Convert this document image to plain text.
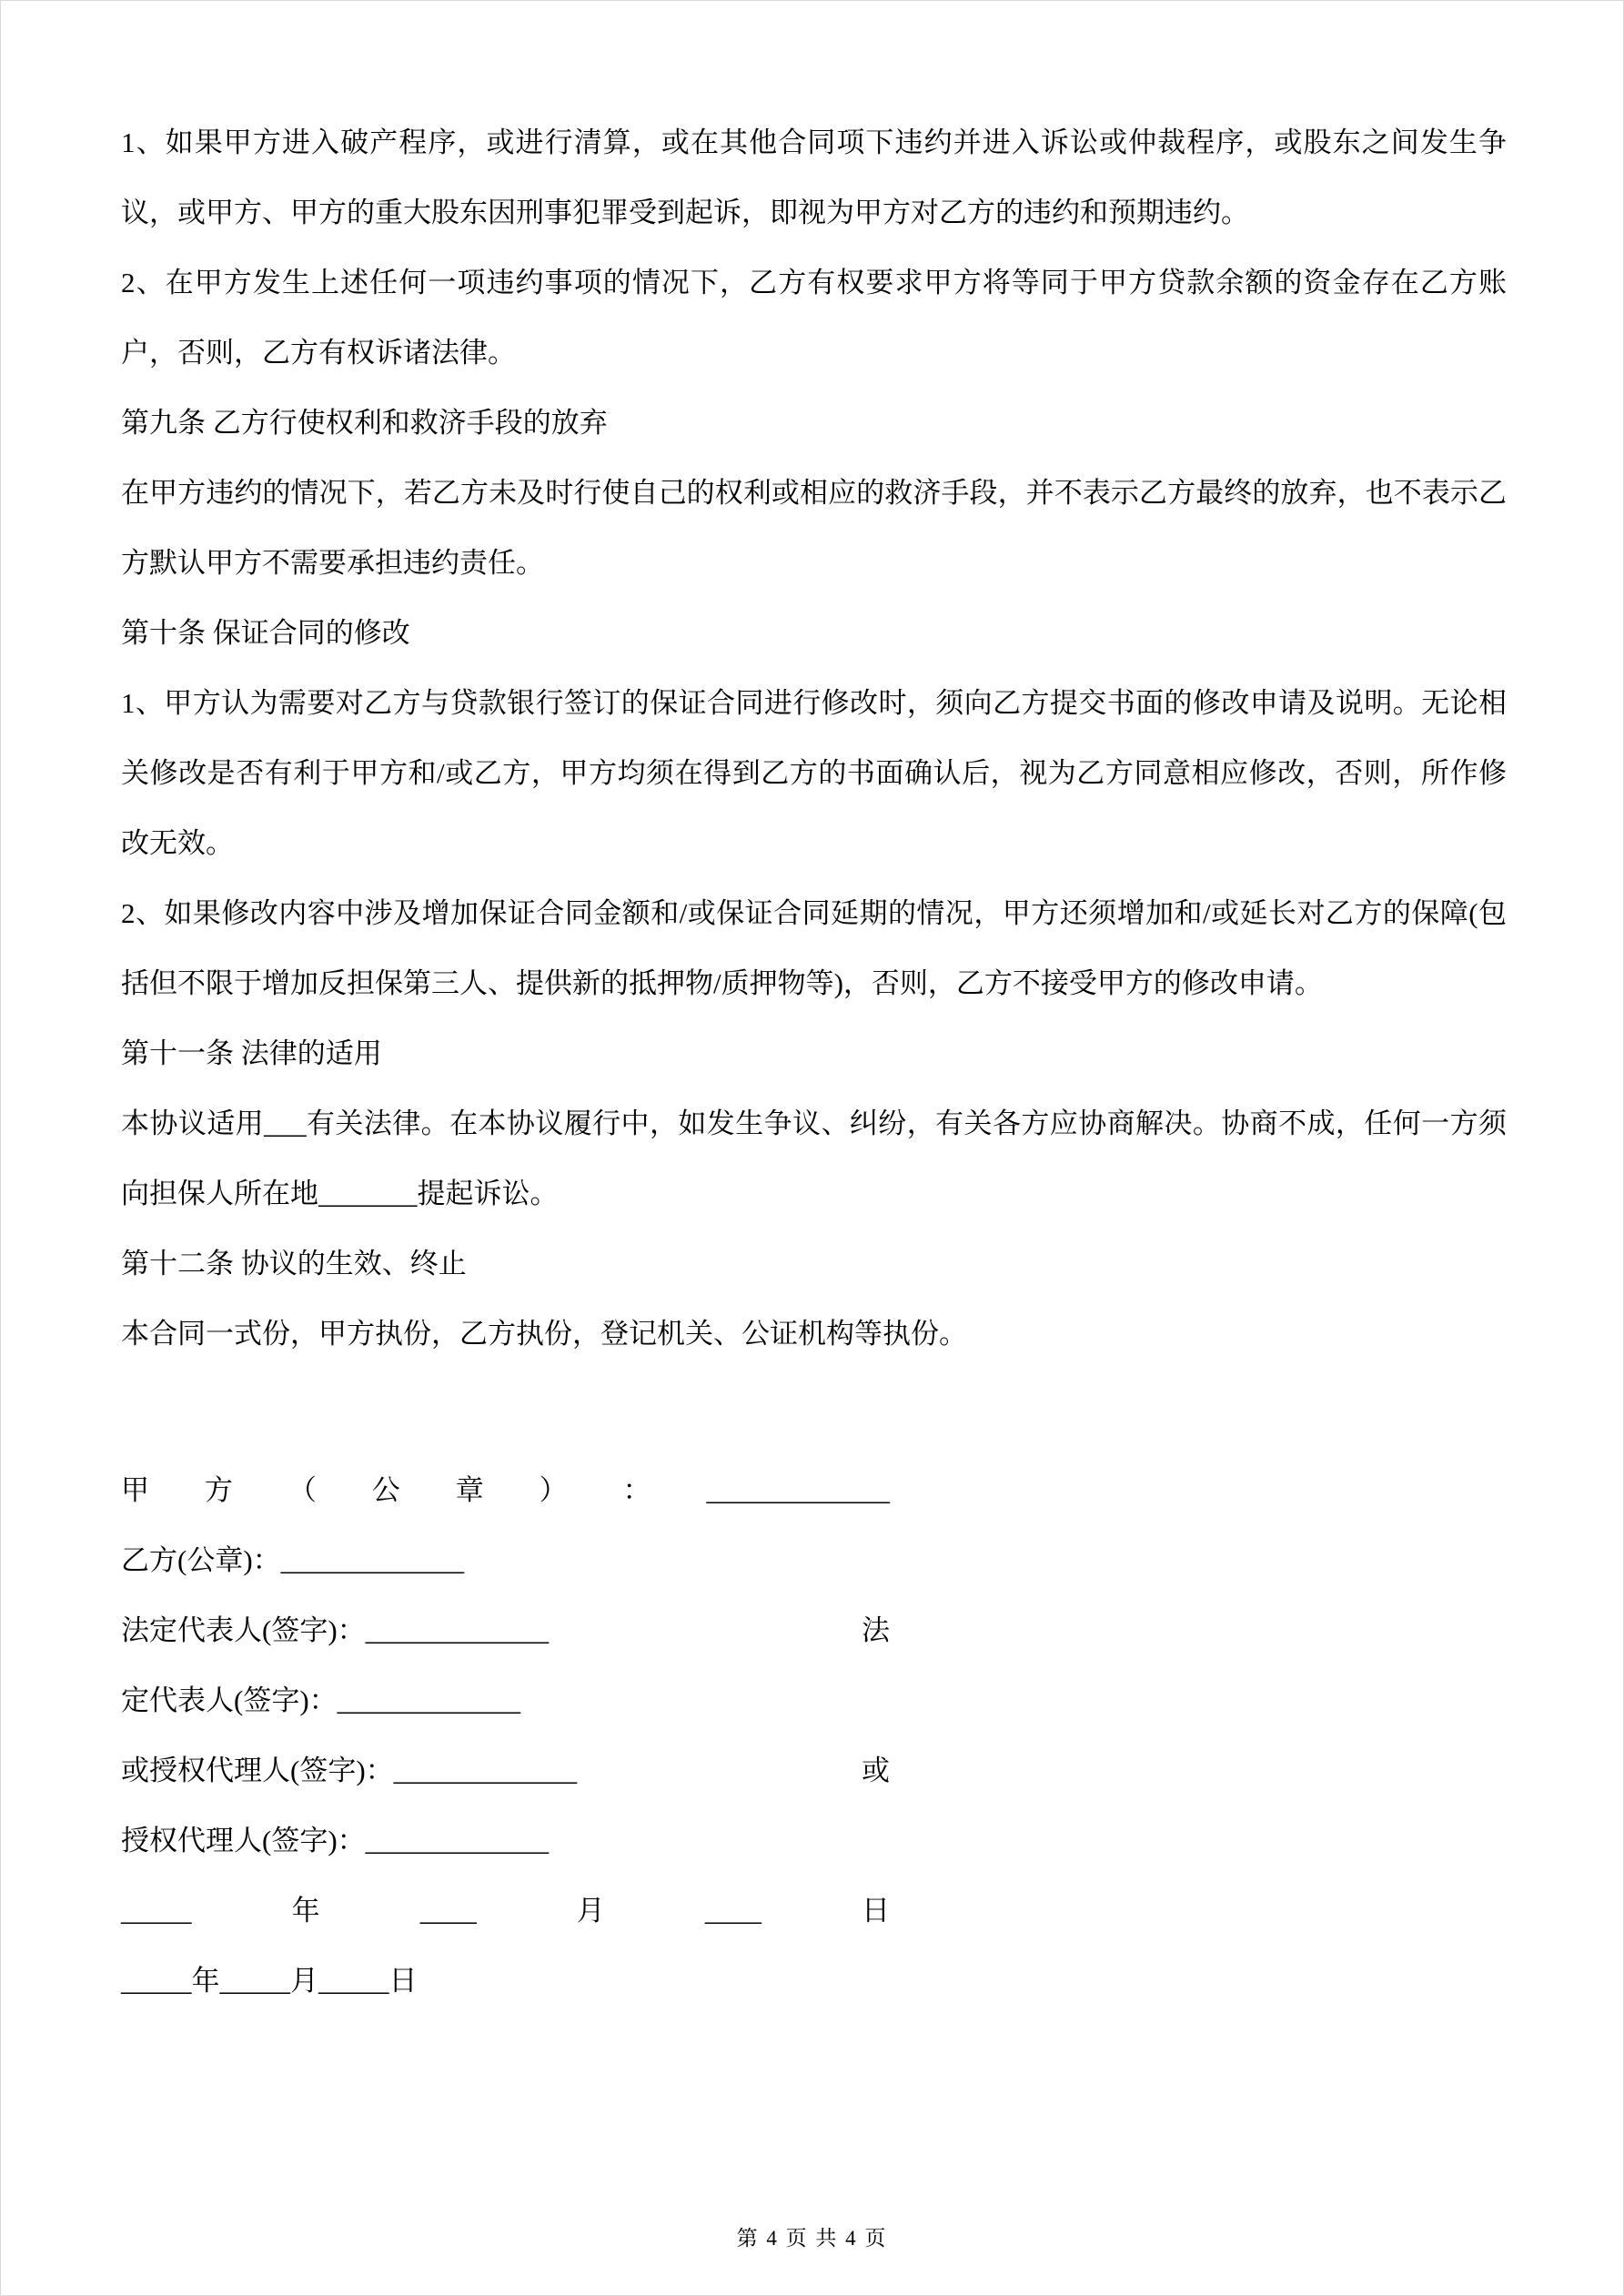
1、如果甲方进入破产程序，或进行清算，或在其他合同项下违约并进入诉讼或仲裁程序，或股东之间发生争议，或甲方、甲方的重大股东因刑事犯罪受到起诉，即视为甲方对乙方的违约和预期违约。

2、在甲方发生上述任何一项违约事项的情况下，乙方有权要求甲方将等同于甲方贷款余额的资金存在乙方账户，否则，乙方有权诉诸法律。

第九条 乙方行使权利和救济手段的放弃

在甲方违约的情况下，若乙方未及时行使自己的权利或相应的救济手段，并不表示乙方最终的放弃，也不表示乙方默认甲方不需要承担违约责任。

第十条 保证合同的修改

1、甲方认为需要对乙方与贷款银行签订的保证合同进行修改时，须向乙方提交书面的修改申请及说明。无论相关修改是否有利于甲方和/或乙方，甲方均须在得到乙方的书面确认后，视为乙方同意相应修改，否则，所作修改无效。

2、如果修改内容中涉及增加保证合同金额和/或保证合同延期的情况，甲方还须增加和/或延长对乙方的保障(包括但不限于增加反担保第三人、提供新的抵押物/质押物等)，否则，乙方不接受甲方的修改申请。

第十一条 法律的适用

本协议适用___有关法律。在本协议履行中，如发生争议、纠纷，有关各方应协商解决。协商不成，任何一方须向担保人所在地_______提起诉讼。

第十二条 协议的生效、终止

本合同一式份，甲方执份，乙方执份，登记机关、公证机构等执份。

甲 方 （ 公 章 ） ： _____________
乙方(公章)：_____________
法定代表人(签字)：_____________	法
定代表人(签字)：_____________
或授权代理人(签字)：_____________	或
授权代理人(签字)：_____________
_____	年	____	月	____	日
_____年_____月_____日
第 4 页 共 4 页
